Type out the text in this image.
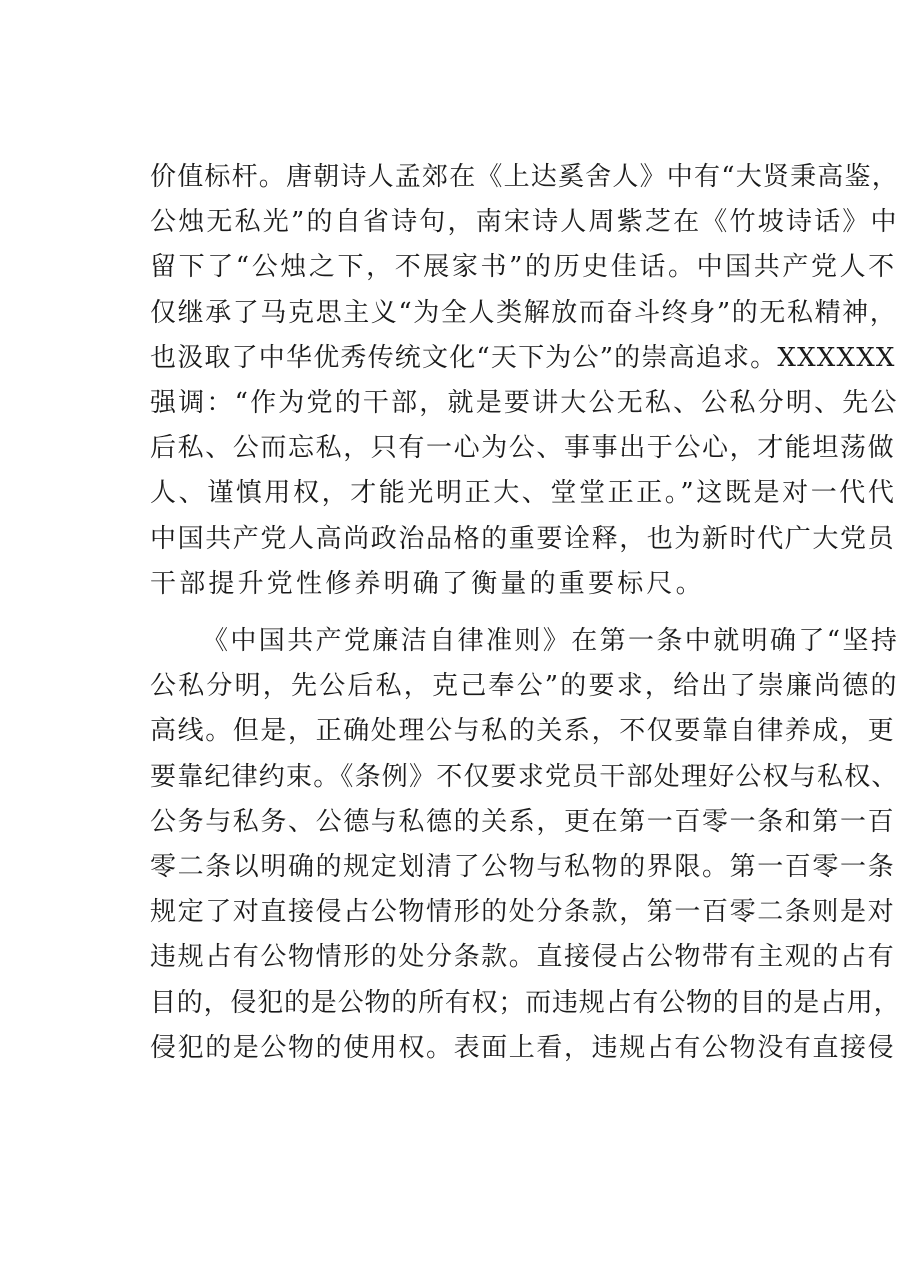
价值标杆。唐朝诗人孟郊在《上达奚舍人》中有“大贤秉高鉴，
公烛无私光”的自省诗句，南宋诗人周紫芝在《竹坡诗话》中
留下了“公烛之下，不展家书”的历史佳话。中国共产党人不
仅继承了马克思主义“为全人类解放而奋斗终身”的无私精神，
也汲取了中华优秀传统文化“天下为公”的崇高追求。XXXXXX
强调：“作为党的干部，就是要讲大公无私、公私分明、先公
后私、公而忘私，只有一心为公、事事出于公心，才能坦荡做
人、谨慎用权，才能光明正大、堂堂正正。”这既是对一代代
中国共产党人高尚政治品格的重要诠释，也为新时代广大党员
干部提升党性修养明确了衡量的重要标尺。
《中国共产党廉洁自律准则》在第一条中就明确了“坚持
公私分明，先公后私，克己奉公”的要求，给出了崇廉尚德的
高线。但是，正确处理公与私的关系，不仅要靠自律养成，更
要靠纪律约束。《条例》不仅要求党员干部处理好公权与私权、
公务与私务、公德与私德的关系，更在第一百零一条和第一百
零二条以明确的规定划清了公物与私物的界限。第一百零一条
规定了对直接侵占公物情形的处分条款，第一百零二条则是对
违规占有公物情形的处分条款。直接侵占公物带有主观的占有
目的，侵犯的是公物的所有权；而违规占有公物的目的是占用，
侵犯的是公物的使用权。表面上看，违规占有公物没有直接侵
